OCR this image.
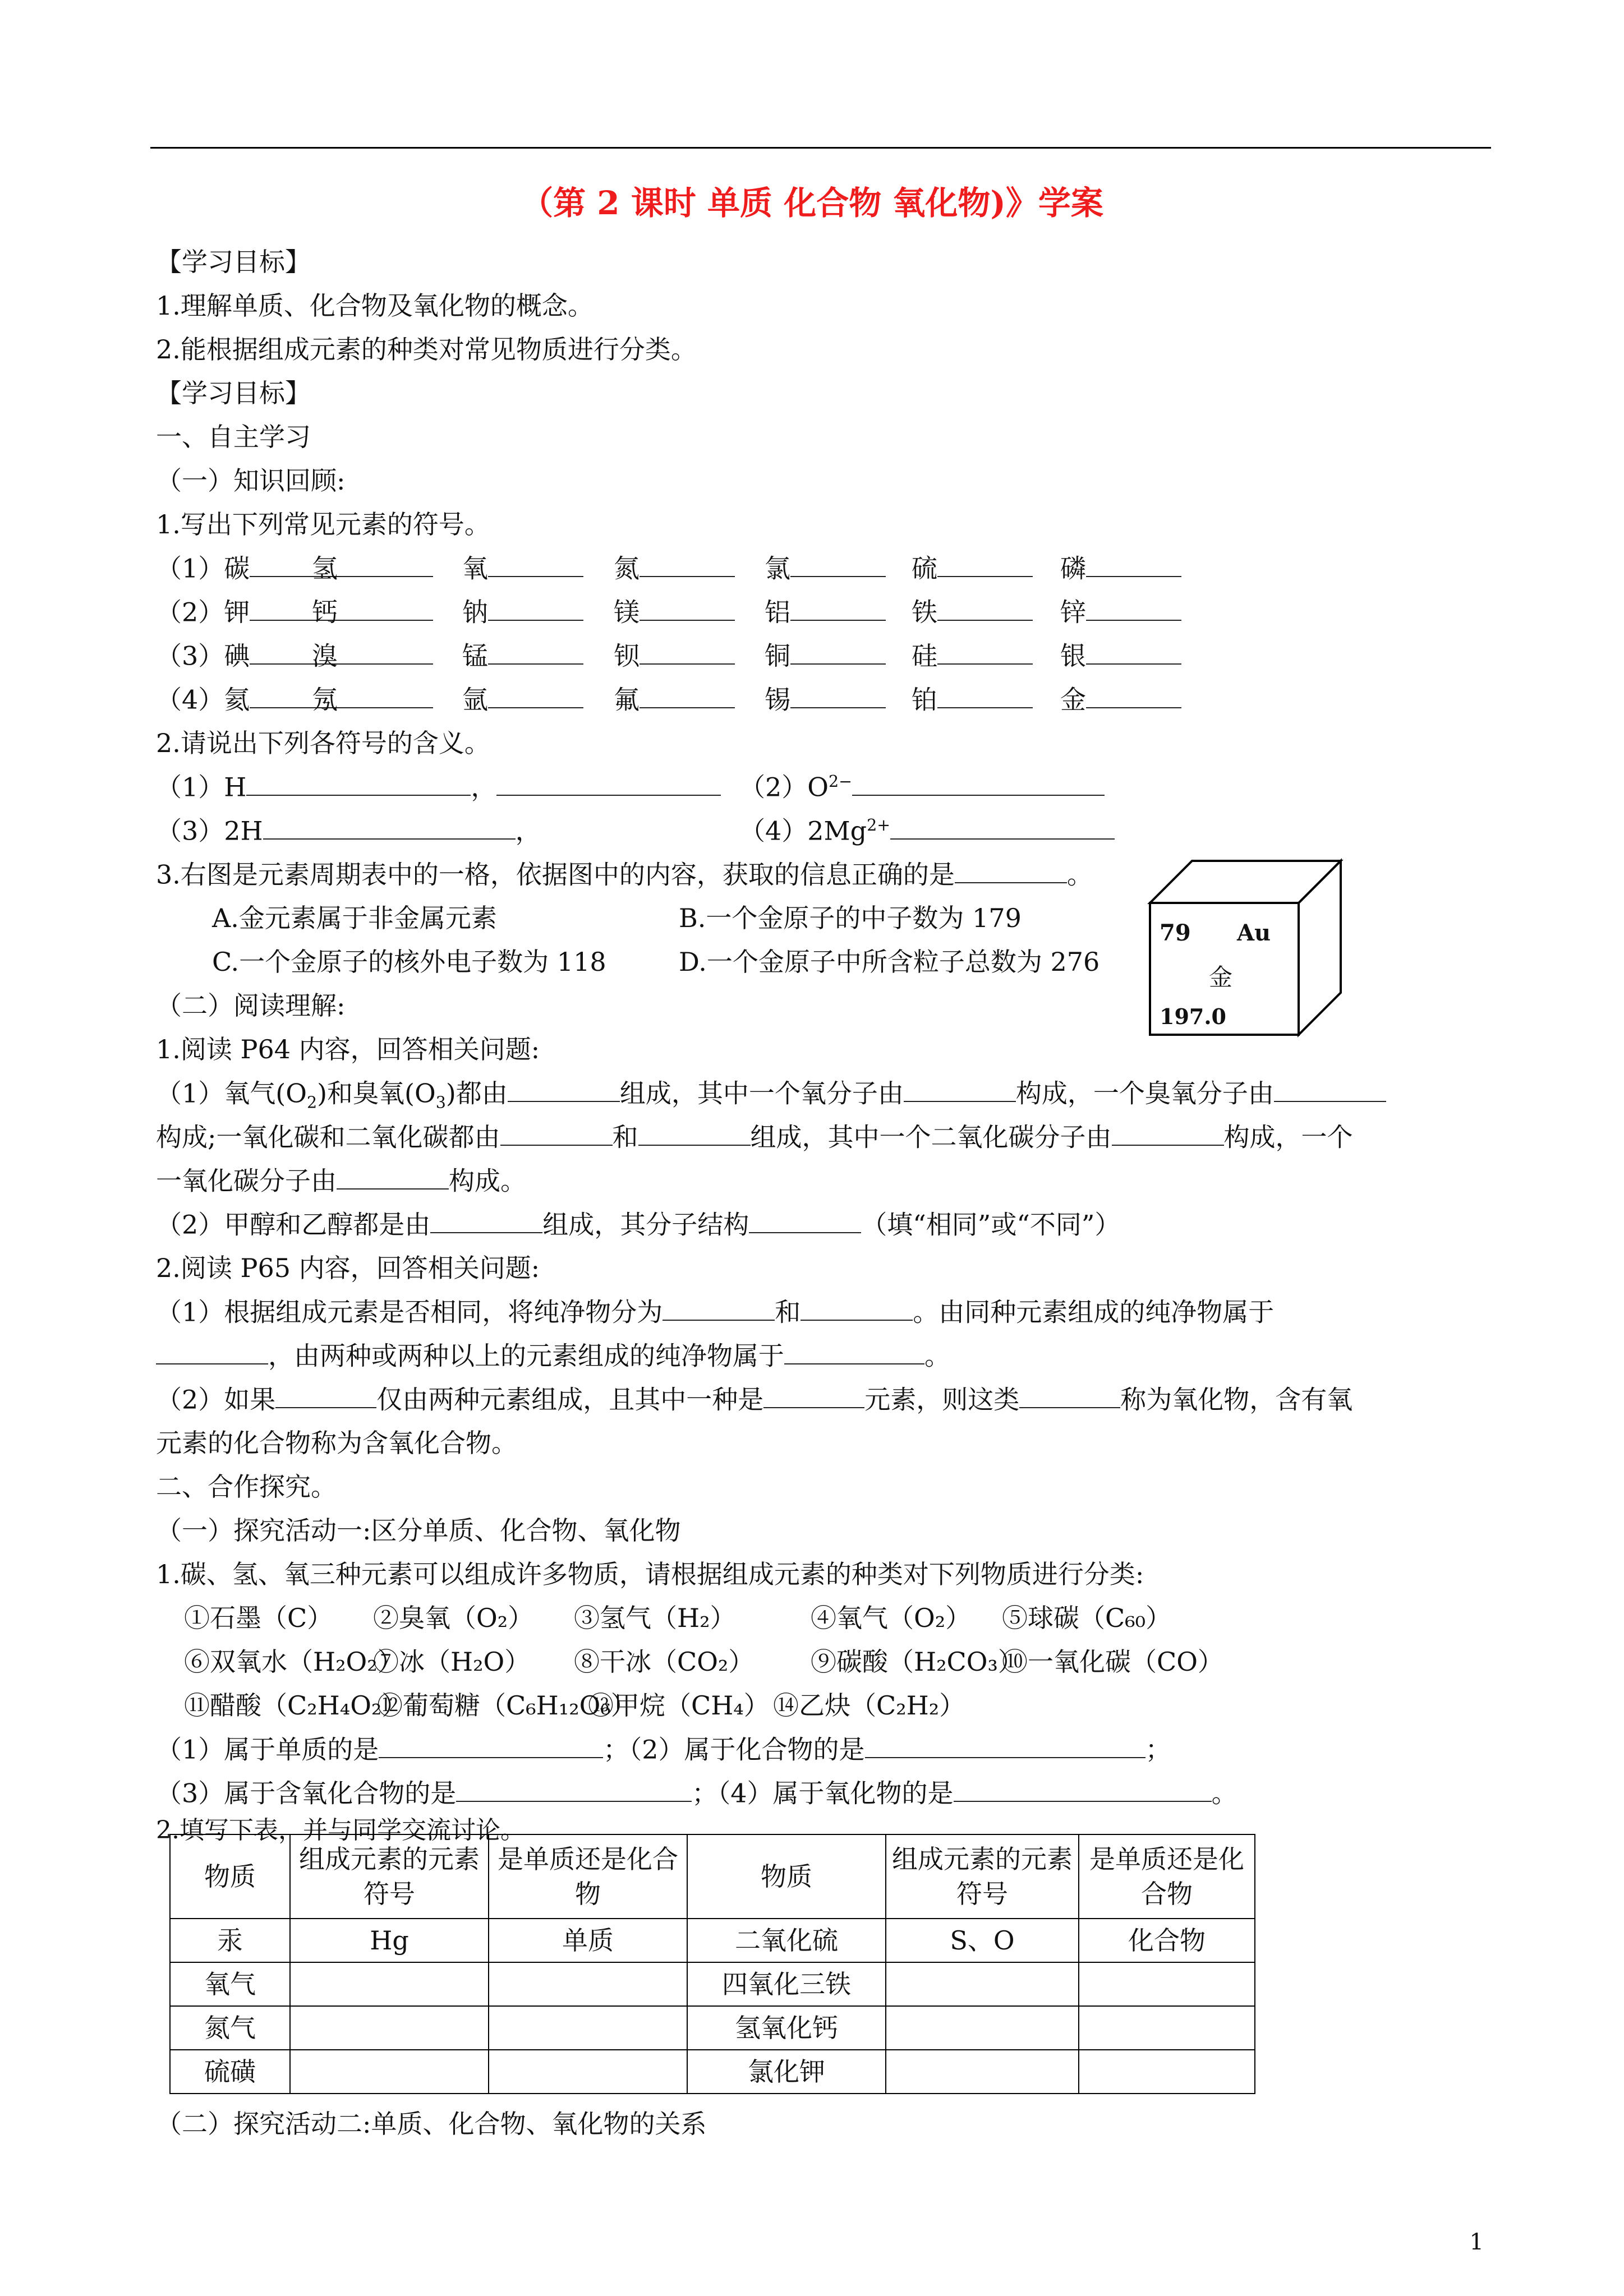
（第 2 课时 单质 化合物 氧化物)》学案
【学习目标】
1.理解单质、化合物及氧化物的概念。
2.能根据组成元素的种类对常见物质进行分类。
【学习目标】
一、自主学习
（一）知识回顾:
1.写出下列常见元素的符号。
（1）碳	氢	氧	氮	氯	硫	磷
（2）钾	钙	钠	镁	铝	铁	锌
（3）碘	溴	锰	钡	铜	硅	银
（4）氦	氖	氩	氟	锡	铂	金
2.请说出下列各符号的含义。
（1）H	，	$(2)O^{2-}$
（3）2H	，	$(4)2Mg^{2+}$
3.右图是元素周期表中的一格，依据图中的内容，获取的信息正确的是	。
A.金元素属于非金属元素	B.一个金原子的中子数为 179
C.一个金原子的核外电子数为 118	D.一个金原子中所含粒子总数为 276
79 Au
金
197.0
（二）阅读理解:
1.阅读 P64 内容，回答相关问题:
（1）氧气$(O_2)$和臭氧$(O_3)$都由	组成，其中一个氧分子由	构成，一个臭氧分子由
构成;一氧化碳和二氧化碳都由	和	组成，其中一个二氧化碳分子由	构成，一个
一氧化碳分子由	构成。
（2）甲醇和乙醇都是由	组成，其分子结构	（填“相同”或“不同”）
2.阅读 P65 内容，回答相关问题:
（1）根据组成元素是否相同，将纯净物分为	和	。由同种元素组成的纯净物属于
，由两种或两种以上的元素组成的纯净物属于	。
（2）如果	仅由两种元素组成，且其中一种是	元素，则这类	称为氧化物，含有氧
元素的化合物称为含氧化合物。
二、合作探究。
（一）探究活动一:区分单质、化合物、氧化物
1.碳、氢、氧三种元素可以组成许多物质，请根据组成元素的种类对下列物质进行分类:
①石墨（C） ②臭氧（O₂） ③氢气（H₂）	④氧气（O₂） ⑤球碳（C₆₀）
⑥双氧水（H₂O₂）
⑦冰（H₂O） ⑧干冰（CO₂） ⑨碳酸（H₂CO₃）
⑩一氧化碳（CO）
⑪醋酸（C₂H₄O₂）
⑫葡萄糖（C₆H₁₂O₆）
⑬甲烷（CH₄） ⑭乙炔（C₂H₂）
（1）属于单质的是	；（2）属于化合物的是	；
（3）属于含氧化合物的是	；（4）属于氧化物的是	。
2.填写下表，并与同学交流讨论。
物质	组成元素的元素符号	是单质还是化合物	物质	组成元素的元素符号	是单质还是化合物
汞	Hg	单质	二氧化硫	S、O	化合物
氧气			四氧化三铁		
氮气			氢氧化钙		
硫磺			氯化钾		
（二）探究活动二:单质、化合物、氧化物的关系
1
